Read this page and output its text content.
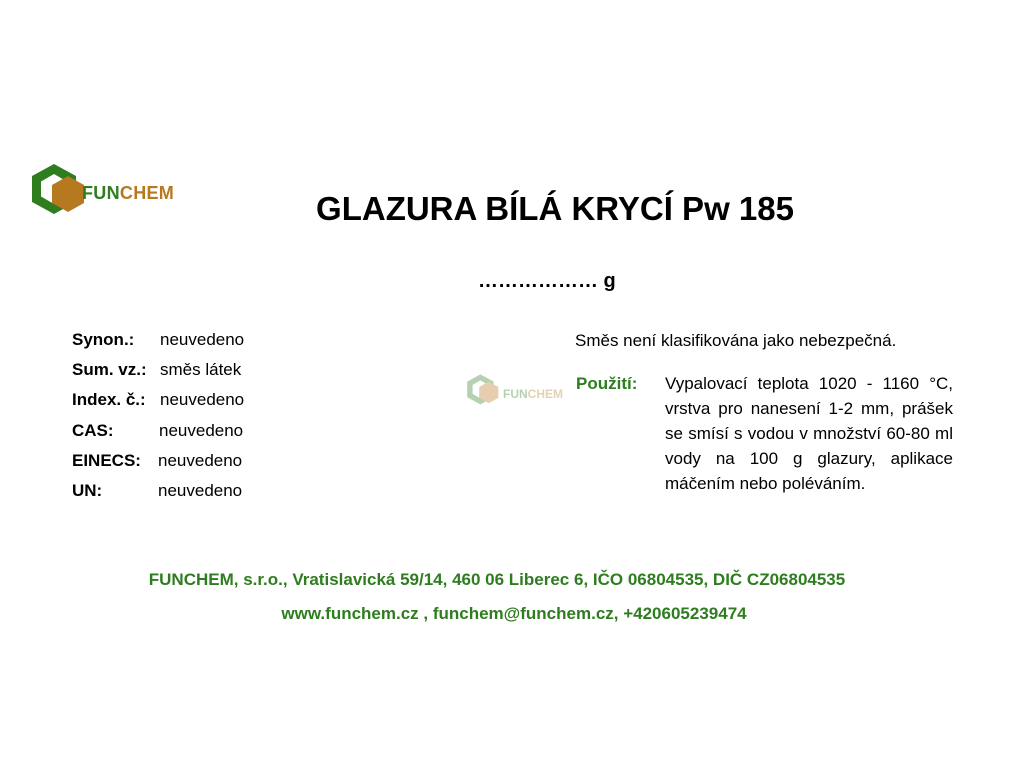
FUNCHEM	GLAZURA BÍLÁ KRYCÍ Pw 185
……………… g
Synon.: neuvedeno
Sum. vz.: směs látek
Index. č.: neuvedeno
CAS:	neuvedeno
EINECS: neuvedeno
UN:	neuvedeno
FUNCHEM
Směs není klasifikována jako nebezpečná.
Použití: Vypalovací teplota 1020 - 1160 °C, vrstva pro nanesení 1-2 mm, prášek se smísí s vodou v množství 60-80 ml vody na 100 g glazury, aplikace máčením nebo poléváním.
FUNCHEM, s.r.o., Vratislavická 59/14, 460 06 Liberec 6, IČO 06804535, DIČ CZ06804535
www.funchem.cz , funchem@funchem.cz, +420605239474
